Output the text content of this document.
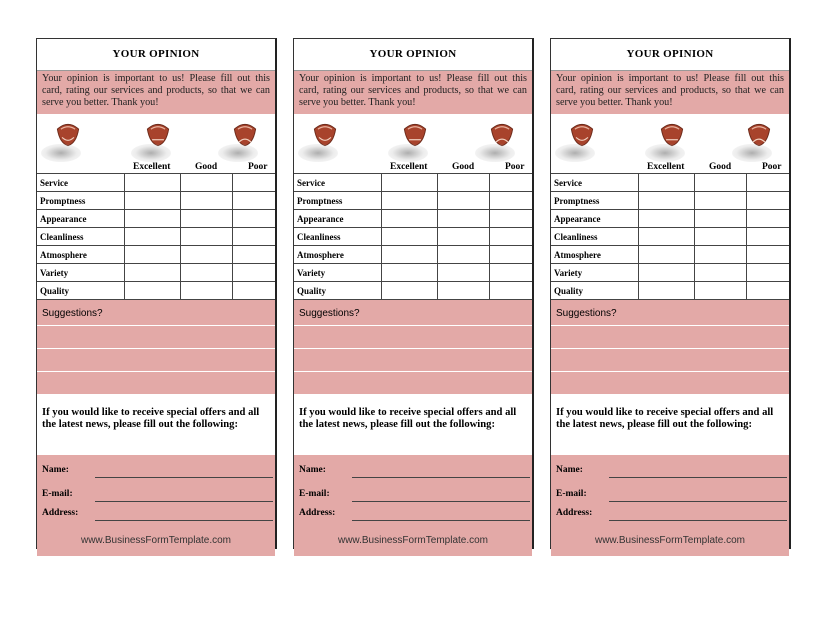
YOUR OPINION
Your opinion is important to us! Please fill out this card, rating our services and products, so that we can serve you better. Thank you!
Excellent	Good	Poor
Service			
Promptness			
Appearance			
Cleanliness			
Atmosphere			
Variety			
Quality			
Suggestions?
If you would like to receive special offers and all the latest news, please fill out the following:
Name:
E-mail:
Address:
www.BusinessFormTemplate.com
YOUR OPINION
Your opinion is important to us! Please fill out this card, rating our services and products, so that we can serve you better. Thank you!
Excellent	Good	Poor
Service			
Promptness			
Appearance			
Cleanliness			
Atmosphere			
Variety			
Quality			
Suggestions?
If you would like to receive special offers and all the latest news, please fill out the following:
Name:
E-mail:
Address:
www.BusinessFormTemplate.com
YOUR OPINION
Your opinion is important to us! Please fill out this card, rating our services and products, so that we can serve you better. Thank you!
Excellent	Good	Poor
Service			
Promptness			
Appearance			
Cleanliness			
Atmosphere			
Variety			
Quality			
Suggestions?
If you would like to receive special offers and all the latest news, please fill out the following:
Name:
E-mail:
Address:
www.BusinessFormTemplate.com
